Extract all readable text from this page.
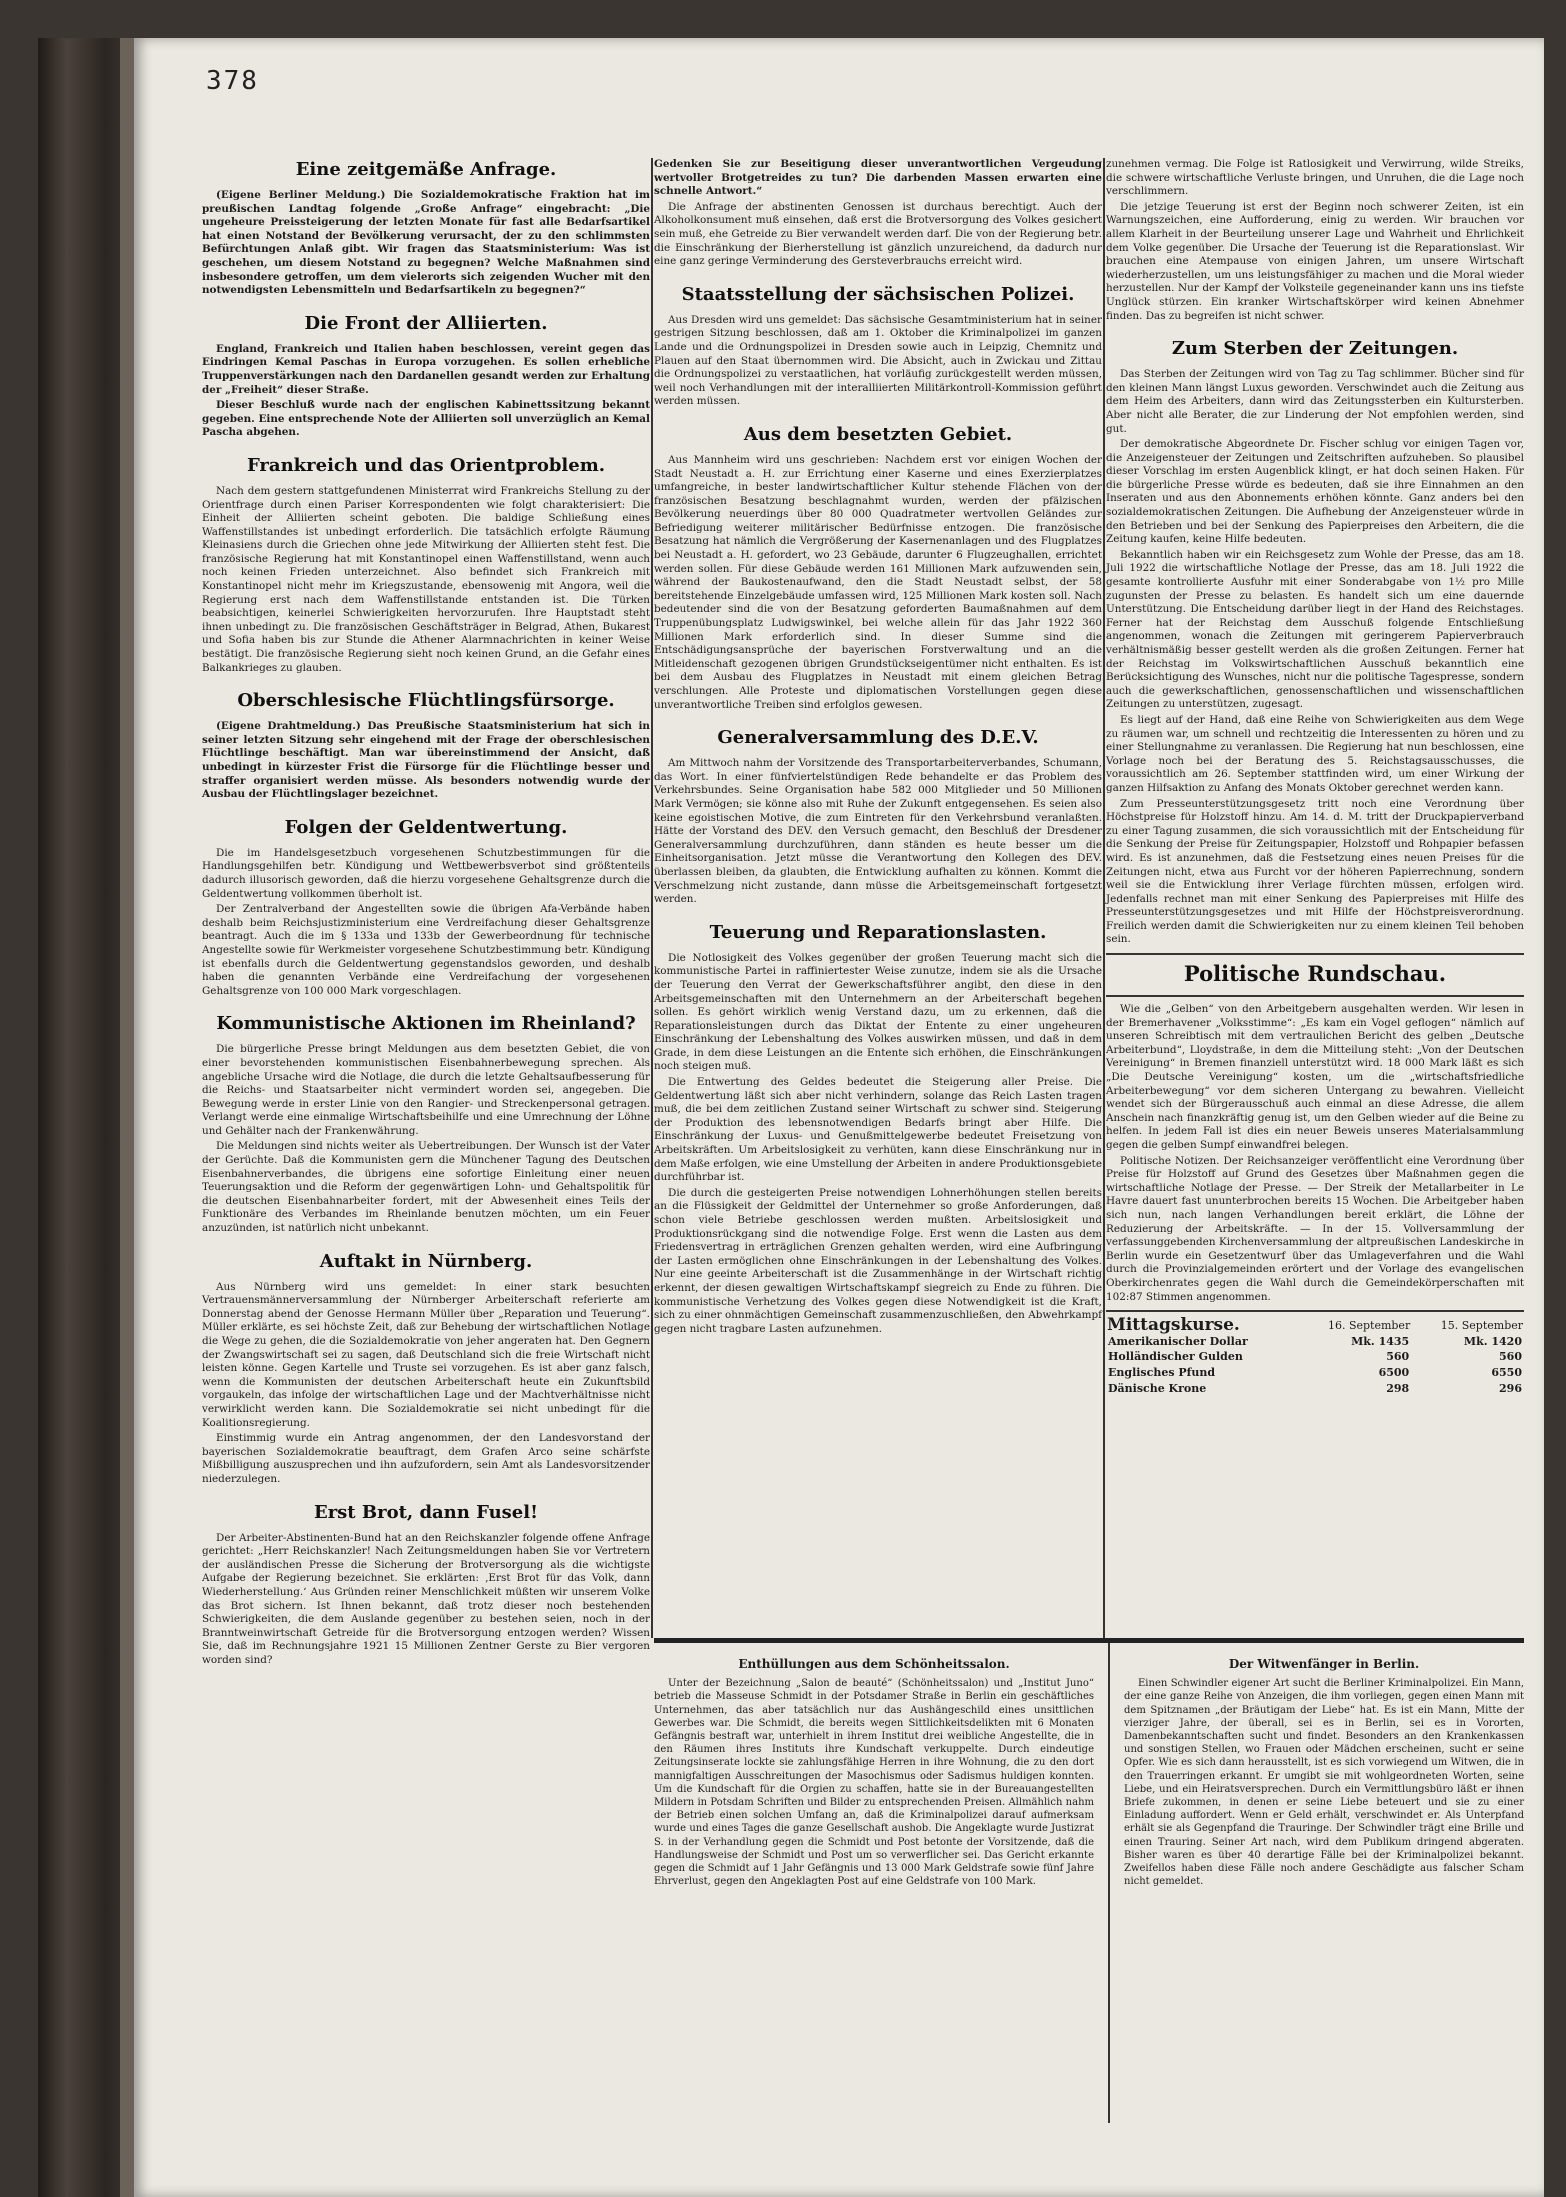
378
Eine zeitgemäße Anfrage.

(Eigene Berliner Meldung.) Die Sozialdemokratische Fraktion hat im preußischen Landtag folgende „Große Anfrage“ eingebracht: „Die ungeheure Preissteigerung der letzten Monate für fast alle Bedarfsartikel hat einen Notstand der Bevölkerung verursacht, der zu den schlimmsten Befürchtungen Anlaß gibt. Wir fragen das Staatsministerium: Was ist geschehen, um diesem Notstand zu begegnen? Welche Maßnahmen sind insbesondere getroffen, um dem vielerorts sich zeigenden Wucher mit den notwendigsten Lebensmitteln und Bedarfsartikeln zu begegnen?“

Die Front der Alliierten.

England, Frankreich und Italien haben beschlossen, vereint gegen das Eindringen Kemal Paschas in Europa vorzugehen. Es sollen erhebliche Truppenverstärkungen nach den Dardanellen gesandt werden zur Erhaltung der „Freiheit“ dieser Straße.

Dieser Beschluß wurde nach der englischen Kabinettssitzung bekannt gegeben. Eine entsprechende Note der Alliierten soll unverzüglich an Kemal Pascha abgehen.

Frankreich und das Orientproblem.

Nach dem gestern stattgefundenen Ministerrat wird Frankreichs Stellung zu der Orientfrage durch einen Pariser Korrespondenten wie folgt charakterisiert: Die Einheit der Alliierten scheint geboten. Die baldige Schließung eines Waffenstillstandes ist unbedingt erforderlich. Die tatsächlich erfolgte Räumung Kleinasiens durch die Griechen ohne jede Mitwirkung der Alliierten steht fest. Die französische Regierung hat mit Konstantinopel einen Waffenstillstand, wenn auch noch keinen Frieden unterzeichnet. Also befindet sich Frankreich mit Konstantinopel nicht mehr im Kriegszustande, ebensowenig mit Angora, weil die Regierung erst nach dem Waffenstillstande entstanden ist. Die Türken beabsichtigen, keinerlei Schwierigkeiten hervorzurufen. Ihre Hauptstadt steht ihnen unbedingt zu. Die französischen Geschäftsträger in Belgrad, Athen, Bukarest und Sofia haben bis zur Stunde die Athener Alarmnachrichten in keiner Weise bestätigt. Die französische Regierung sieht noch keinen Grund, an die Gefahr eines Balkankrieges zu glauben.

Oberschlesische Flüchtlingsfürsorge.

(Eigene Drahtmeldung.) Das Preußische Staatsministerium hat sich in seiner letzten Sitzung sehr eingehend mit der Frage der oberschlesischen Flüchtlinge beschäftigt. Man war übereinstimmend der Ansicht, daß unbedingt in kürzester Frist die Fürsorge für die Flüchtlinge besser und straffer organisiert werden müsse. Als besonders notwendig wurde der Ausbau der Flüchtlingslager bezeichnet.

Folgen der Geldentwertung.

Die im Handelsgesetzbuch vorgesehenen Schutzbestimmungen für die Handlungsgehilfen betr. Kündigung und Wettbewerbsverbot sind größtenteils dadurch illusorisch geworden, daß die hierzu vorgesehene Gehaltsgrenze durch die Geldentwertung vollkommen überholt ist.

Der Zentralverband der Angestellten sowie die übrigen Afa-Verbände haben deshalb beim Reichsjustizministerium eine Verdreifachung dieser Gehaltsgrenze beantragt. Auch die im § 133a und 133b der Gewerbeordnung für technische Angestellte sowie für Werkmeister vorgesehene Schutzbestimmung betr. Kündigung ist ebenfalls durch die Geldentwertung gegenstandslos geworden, und deshalb haben die genannten Verbände eine Verdreifachung der vorgesehenen Gehaltsgrenze von 100 000 Mark vorgeschlagen.

Kommunistische Aktionen im Rheinland?

Die bürgerliche Presse bringt Meldungen aus dem besetzten Gebiet, die von einer bevorstehenden kommunistischen Eisenbahnerbewegung sprechen. Als angebliche Ursache wird die Notlage, die durch die letzte Gehaltsaufbesserung für die Reichs- und Staatsarbeiter nicht vermindert worden sei, angegeben. Die Bewegung werde in erster Linie von den Rangier- und Streckenpersonal getragen. Verlangt werde eine einmalige Wirtschaftsbeihilfe und eine Umrechnung der Löhne und Gehälter nach der Frankenwährung.

Die Meldungen sind nichts weiter als Uebertreibungen. Der Wunsch ist der Vater der Gerüchte. Daß die Kommunisten gern die Münchener Tagung des Deutschen Eisenbahnerverbandes, die übrigens eine sofortige Einleitung einer neuen Teuerungsaktion und die Reform der gegenwärtigen Lohn- und Gehaltspolitik für die deutschen Eisenbahnarbeiter fordert, mit der Abwesenheit eines Teils der Funktionäre des Verbandes im Rheinlande benutzen möchten, um ein Feuer anzuzünden, ist natürlich nicht unbekannt.

Auftakt in Nürnberg.

Aus Nürnberg wird uns gemeldet: In einer stark besuchten Vertrauensmännerversammlung der Nürnberger Arbeiterschaft referierte am Donnerstag abend der Genosse Hermann Müller über „Reparation und Teuerung“. Müller erklärte, es sei höchste Zeit, daß zur Behebung der wirtschaftlichen Notlage die Wege zu gehen, die die Sozialdemokratie von jeher angeraten hat. Den Gegnern der Zwangswirtschaft sei zu sagen, daß Deutschland sich die freie Wirtschaft nicht leisten könne. Gegen Kartelle und Truste sei vorzugehen. Es ist aber ganz falsch, wenn die Kommunisten der deutschen Arbeiterschaft heute ein Zukunftsbild vorgaukeln, das infolge der wirtschaftlichen Lage und der Machtverhältnisse nicht verwirklicht werden kann. Die Sozialdemokratie sei nicht unbedingt für die Koalitionsregierung.

Einstimmig wurde ein Antrag angenommen, der den Landesvorstand der bayerischen Sozialdemokratie beauftragt, dem Grafen Arco seine schärfste Mißbilligung auszusprechen und ihn aufzufordern, sein Amt als Landesvorsitzender niederzulegen.

Erst Brot, dann Fusel!

Der Arbeiter-Abstinenten-Bund hat an den Reichskanzler folgende offene Anfrage gerichtet: „Herr Reichskanzler! Nach Zeitungsmeldungen haben Sie vor Vertretern der ausländischen Presse die Sicherung der Brotversorgung als die wichtigste Aufgabe der Regierung bezeichnet. Sie erklärten: ‚Erst Brot für das Volk, dann Wiederherstellung.‘ Aus Gründen reiner Menschlichkeit müßten wir unserem Volke das Brot sichern. Ist Ihnen bekannt, daß trotz dieser noch bestehenden Schwierigkeiten, die dem Auslande gegenüber zu bestehen seien, noch in der Branntweinwirtschaft Getreide für die Brotversorgung entzogen werden? Wissen Sie, daß im Rechnungsjahre 1921 15 Millionen Zentner Gerste zu Bier vergoren worden sind?

Gedenken Sie zur Beseitigung dieser unverantwortlichen Vergeudung wertvoller Brotgetreides zu tun? Die darbenden Massen erwarten eine schnelle Antwort.“

Die Anfrage der abstinenten Genossen ist durchaus berechtigt. Auch der Alkoholkonsument muß einsehen, daß erst die Brotversorgung des Volkes gesichert sein muß, ehe Getreide zu Bier verwandelt werden darf. Die von der Regierung betr. die Einschränkung der Bierherstellung ist gänzlich unzureichend, da dadurch nur eine ganz geringe Verminderung des Gersteverbrauchs erreicht wird.

Staatsstellung der sächsischen Polizei.

Aus Dresden wird uns gemeldet: Das sächsische Gesamtministerium hat in seiner gestrigen Sitzung beschlossen, daß am 1. Oktober die Kriminalpolizei im ganzen Lande und die Ordnungspolizei in Dresden sowie auch in Leipzig, Chemnitz und Plauen auf den Staat übernommen wird. Die Absicht, auch in Zwickau und Zittau die Ordnungspolizei zu verstaatlichen, hat vorläufig zurückgestellt werden müssen, weil noch Verhandlungen mit der interalliierten Militärkontroll-Kommission geführt werden müssen.

Aus dem besetzten Gebiet.

Aus Mannheim wird uns geschrieben: Nachdem erst vor einigen Wochen der Stadt Neustadt a. H. zur Errichtung einer Kaserne und eines Exerzierplatzes umfangreiche, in bester landwirtschaftlicher Kultur stehende Flächen von der französischen Besatzung beschlagnahmt wurden, werden der pfälzischen Bevölkerung neuerdings über 80 000 Quadratmeter wertvollen Geländes zur Befriedigung weiterer militärischer Bedürfnisse entzogen. Die französische Besatzung hat nämlich die Vergrößerung der Kasernenanlagen und des Flugplatzes bei Neustadt a. H. gefordert, wo 23 Gebäude, darunter 6 Flugzeughallen, errichtet werden sollen. Für diese Gebäude werden 161 Millionen Mark aufzuwenden sein, während der Baukostenaufwand, den die Stadt Neustadt selbst, der 58 bereitstehende Einzelgebäude umfassen wird, 125 Millionen Mark kosten soll. Nach bedeutender sind die von der Besatzung geforderten Baumaßnahmen auf dem Truppenübungsplatz Ludwigswinkel, bei welche allein für das Jahr 1922 360 Millionen Mark erforderlich sind. In dieser Summe sind die Entschädigungsansprüche der bayerischen Forstverwaltung und an die Mitleidenschaft gezogenen übrigen Grundstückseigentümer nicht enthalten. Es ist bei dem Ausbau des Flugplatzes in Neustadt mit einem gleichen Betrag verschlungen. Alle Proteste und diplomatischen Vorstellungen gegen diese unverantwortliche Treiben sind erfolglos gewesen.

Generalversammlung des D.E.V.

Am Mittwoch nahm der Vorsitzende des Transportarbeiterverbandes, Schumann, das Wort. In einer fünfviertelstündigen Rede behandelte er das Problem des Verkehrsbundes. Seine Organisation habe 582 000 Mitglieder und 50 Millionen Mark Vermögen; sie könne also mit Ruhe der Zukunft entgegensehen. Es seien also keine egoistischen Motive, die zum Eintreten für den Verkehrsbund veranlaßten. Hätte der Vorstand des DEV. den Versuch gemacht, den Beschluß der Dresdener Generalversammlung durchzuführen, dann ständen es heute besser um die Einheitsorganisation. Jetzt müsse die Verantwortung den Kollegen des DEV. überlassen bleiben, da glaubten, die Entwicklung aufhalten zu können. Kommt die Verschmelzung nicht zustande, dann müsse die Arbeitsgemeinschaft fortgesetzt werden.

Teuerung und Reparationslasten.

Die Notlosigkeit des Volkes gegenüber der großen Teuerung macht sich die kommunistische Partei in raffiniertester Weise zunutze, indem sie als die Ursache der Teuerung den Verrat der Gewerkschaftsführer angibt, den diese in den Arbeitsgemeinschaften mit den Unternehmern an der Arbeiterschaft begehen sollen. Es gehört wirklich wenig Verstand dazu, um zu erkennen, daß die Reparationsleistungen durch das Diktat der Entente zu einer ungeheuren Einschränkung der Lebenshaltung des Volkes auswirken müssen, und daß in dem Grade, in dem diese Leistungen an die Entente sich erhöhen, die Einschränkungen noch steigen muß.

Die Entwertung des Geldes bedeutet die Steigerung aller Preise. Die Geldentwertung läßt sich aber nicht verhindern, solange das Reich Lasten tragen muß, die bei dem zeitlichen Zustand seiner Wirtschaft zu schwer sind. Steigerung der Produktion des lebensnotwendigen Bedarfs bringt aber Hilfe. Die Einschränkung der Luxus- und Genußmittelgewerbe bedeutet Freisetzung von Arbeitskräften. Um Arbeitslosigkeit zu verhüten, kann diese Einschränkung nur in dem Maße erfolgen, wie eine Umstellung der Arbeiten in andere Produktionsgebiete durchführbar ist.

Die durch die gesteigerten Preise notwendigen Lohnerhöhungen stellen bereits an die Flüssigkeit der Geldmittel der Unternehmer so große Anforderungen, daß schon viele Betriebe geschlossen werden mußten. Arbeitslosigkeit und Produktionsrückgang sind die notwendige Folge. Erst wenn die Lasten aus dem Friedensvertrag in erträglichen Grenzen gehalten werden, wird eine Aufbringung der Lasten ermöglichen ohne Einschränkungen in der Lebenshaltung des Volkes. Nur eine geeinte Arbeiterschaft ist die Zusammenhänge in der Wirtschaft richtig erkennt, der diesen gewaltigen Wirtschaftskampf siegreich zu Ende zu führen. Die kommunistische Verhetzung des Volkes gegen diese Notwendigkeit ist die Kraft, sich zu einer ohnmächtigen Gemeinschaft zusammenzuschließen, den Abwehrkampf gegen nicht tragbare Lasten aufzunehmen.

zunehmen vermag. Die Folge ist Ratlosigkeit und Verwirrung, wilde Streiks, die schwere wirtschaftliche Verluste bringen, und Unruhen, die die Lage noch verschlimmern.

Die jetzige Teuerung ist erst der Beginn noch schwerer Zeiten, ist ein Warnungszeichen, eine Aufforderung, einig zu werden. Wir brauchen vor allem Klarheit in der Beurteilung unserer Lage und Wahrheit und Ehrlichkeit dem Volke gegenüber. Die Ursache der Teuerung ist die Reparationslast. Wir brauchen eine Atempause von einigen Jahren, um unsere Wirtschaft wiederherzustellen, um uns leistungsfähiger zu machen und die Moral wieder herzustellen. Nur der Kampf der Volksteile gegeneinander kann uns ins tiefste Unglück stürzen. Ein kranker Wirtschaftskörper wird keinen Abnehmer finden. Das zu begreifen ist nicht schwer.

Zum Sterben der Zeitungen.

Das Sterben der Zeitungen wird von Tag zu Tag schlimmer. Bücher sind für den kleinen Mann längst Luxus geworden. Verschwindet auch die Zeitung aus dem Heim des Arbeiters, dann wird das Zeitungssterben ein Kultursterben. Aber nicht alle Berater, die zur Linderung der Not empfohlen werden, sind gut.

Der demokratische Abgeordnete Dr. Fischer schlug vor einigen Tagen vor, die Anzeigensteuer der Zeitungen und Zeitschriften aufzuheben. So plausibel dieser Vorschlag im ersten Augenblick klingt, er hat doch seinen Haken. Für die bürgerliche Presse würde es bedeuten, daß sie ihre Einnahmen an den Inseraten und aus den Abonnements erhöhen könnte. Ganz anders bei den sozialdemokratischen Zeitungen. Die Aufhebung der Anzeigensteuer würde in den Betrieben und bei der Senkung des Papierpreises den Arbeitern, die die Zeitung kaufen, keine Hilfe bedeuten.

Bekanntlich haben wir ein Reichsgesetz zum Wohle der Presse, das am 18. Juli 1922 die wirtschaftliche Notlage der Presse, das am 18. Juli 1922 die gesamte kontrollierte Ausfuhr mit einer Sonderabgabe von 1½ pro Mille zugunsten der Presse zu belasten. Es handelt sich um eine dauernde Unterstützung. Die Entscheidung darüber liegt in der Hand des Reichstages. Ferner hat der Reichstag dem Ausschuß folgende Entschließung angenommen, wonach die Zeitungen mit geringerem Papierverbrauch verhältnismäßig besser gestellt werden als die großen Zeitungen. Ferner hat der Reichstag im Volkswirtschaftlichen Ausschuß bekanntlich eine Berücksichtigung des Wunsches, nicht nur die politische Tagespresse, sondern auch die gewerkschaftlichen, genossenschaftlichen und wissenschaftlichen Zeitungen zu unterstützen, zugesagt.

Es liegt auf der Hand, daß eine Reihe von Schwierigkeiten aus dem Wege zu räumen war, um schnell und rechtzeitig die Interessenten zu hören und zu einer Stellungnahme zu veranlassen. Die Regierung hat nun beschlossen, eine Vorlage noch bei der Beratung des 5. Reichstagsausschusses, die voraussichtlich am 26. September stattfinden wird, um einer Wirkung der ganzen Hilfsaktion zu Anfang des Monats Oktober gerechnet werden kann.

Zum Presseunterstützungsgesetz tritt noch eine Verordnung über Höchstpreise für Holzstoff hinzu. Am 14. d. M. tritt der Druckpapierverband zu einer Tagung zusammen, die sich voraussichtlich mit der Entscheidung für die Senkung der Preise für Zeitungspapier, Holzstoff und Rohpapier befassen wird. Es ist anzunehmen, daß die Festsetzung eines neuen Preises für die Zeitungen nicht, etwa aus Furcht vor der höheren Papierrechnung, sondern weil sie die Entwicklung ihrer Verlage fürchten müssen, erfolgen wird. Jedenfalls rechnet man mit einer Senkung des Papierpreises mit Hilfe des Presseunterstützungsgesetzes und mit Hilfe der Höchstpreisverordnung. Freilich werden damit die Schwierigkeiten nur zu einem kleinen Teil behoben sein.

Politische Rundschau.

Wie die „Gelben“ von den Arbeitgebern ausgehalten werden. Wir lesen in der Bremerhavener „Volksstimme“: „Es kam ein Vogel geflogen“ nämlich auf unseren Schreibtisch mit dem vertraulichen Bericht des gelben „Deutsche Arbeiterbund“, Lloydstraße, in dem die Mitteilung steht: „Von der Deutschen Vereinigung“ in Bremen finanziell unterstützt wird. 18 000 Mark läßt es sich „Die Deutsche Vereinigung“ kosten, um die „wirtschaftsfriedliche Arbeiterbewegung“ vor dem sicheren Untergang zu bewahren. Vielleicht wendet sich der Bürgerausschuß auch einmal an diese Adresse, die allem Anschein nach finanzkräftig genug ist, um den Gelben wieder auf die Beine zu helfen. In jedem Fall ist dies ein neuer Beweis unseres Materialsammlung gegen die gelben Sumpf einwandfrei belegen.

Politische Notizen. Der Reichsanzeiger veröffentlicht eine Verordnung über Preise für Holzstoff auf Grund des Gesetzes über Maßnahmen gegen die wirtschaftliche Notlage der Presse. — Der Streik der Metallarbeiter in Le Havre dauert fast ununterbrochen bereits 15 Wochen. Die Arbeitgeber haben sich nun, nach langen Verhandlungen bereit erklärt, die Löhne der Reduzierung der Arbeitskräfte. — In der 15. Vollversammlung der verfassunggebenden Kirchenversammlung der altpreußischen Landeskirche in Berlin wurde ein Gesetzentwurf über das Umlageverfahren und die Wahl durch die Provinzialgemeinden erörtert und der Vorlage des evangelischen Oberkirchenrates gegen die Wahl durch die Gemeindekörperschaften mit 102:87 Stimmen angenommen.

Mittagskurse.	16. September	15. September
Amerikanischer Dollar	Mk. 1435	Mk. 1420
Holländischer Gulden	560	560
Englisches Pfund	6500	6550
Dänische Krone	298	296
Enthüllungen aus dem Schönheitssalon.

Unter der Bezeichnung „Salon de beauté“ (Schönheitssalon) und „Institut Juno“ betrieb die Masseuse Schmidt in der Potsdamer Straße in Berlin ein geschäftliches Unternehmen, das aber tatsächlich nur das Aushängeschild eines unsittlichen Gewerbes war. Die Schmidt, die bereits wegen Sittlichkeitsdelikten mit 6 Monaten Gefängnis bestraft war, unterhielt in ihrem Institut drei weibliche Angestellte, die in den Räumen ihres Instituts ihre Kundschaft verkuppelte. Durch eindeutige Zeitungsinserate lockte sie zahlungsfähige Herren in ihre Wohnung, die zu den dort mannigfaltigen Ausschreitungen der Masochismus oder Sadismus huldigen konnten. Um die Kundschaft für die Orgien zu schaffen, hatte sie in der Bureauangestellten Mildern in Potsdam Schriften und Bilder zu entsprechenden Preisen. Allmählich nahm der Betrieb einen solchen Umfang an, daß die Kriminalpolizei darauf aufmerksam wurde und eines Tages die ganze Gesellschaft aushob. Die Angeklagte wurde Justizrat S. in der Verhandlung gegen die Schmidt und Post betonte der Vorsitzende, daß die Handlungsweise der Schmidt und Post um so verwerflicher sei. Das Gericht erkannte gegen die Schmidt auf 1 Jahr Gefängnis und 13 000 Mark Geldstrafe sowie fünf Jahre Ehrverlust, gegen den Angeklagten Post auf eine Geldstrafe von 100 Mark.

Der Witwenfänger in Berlin.

Einen Schwindler eigener Art sucht die Berliner Kriminalpolizei. Ein Mann, der eine ganze Reihe von Anzeigen, die ihm vorliegen, gegen einen Mann mit dem Spitznamen „der Bräutigam der Liebe“ hat. Es ist ein Mann, Mitte der vierziger Jahre, der überall, sei es in Berlin, sei es in Vororten, Damenbekanntschaften sucht und findet. Besonders an den Krankenkassen und sonstigen Stellen, wo Frauen oder Mädchen erscheinen, sucht er seine Opfer. Wie es sich dann herausstellt, ist es sich vorwiegend um Witwen, die in den Trauerringen erkannt. Er umgibt sie mit wohlgeordneten Worten, seine Liebe, und ein Heiratsversprechen. Durch ein Vermittlungsbüro läßt er ihnen Briefe zukommen, in denen er seine Liebe beteuert und sie zu einer Einladung auffordert. Wenn er Geld erhält, verschwindet er. Als Unterpfand erhält sie als Gegenpfand die Trauringe. Der Schwindler trägt eine Brille und einen Trauring. Seiner Art nach, wird dem Publikum dringend abgeraten. Bisher waren es über 40 derartige Fälle bei der Kriminalpolizei bekannt. Zweifellos haben diese Fälle noch andere Geschädigte aus falscher Scham nicht gemeldet.
